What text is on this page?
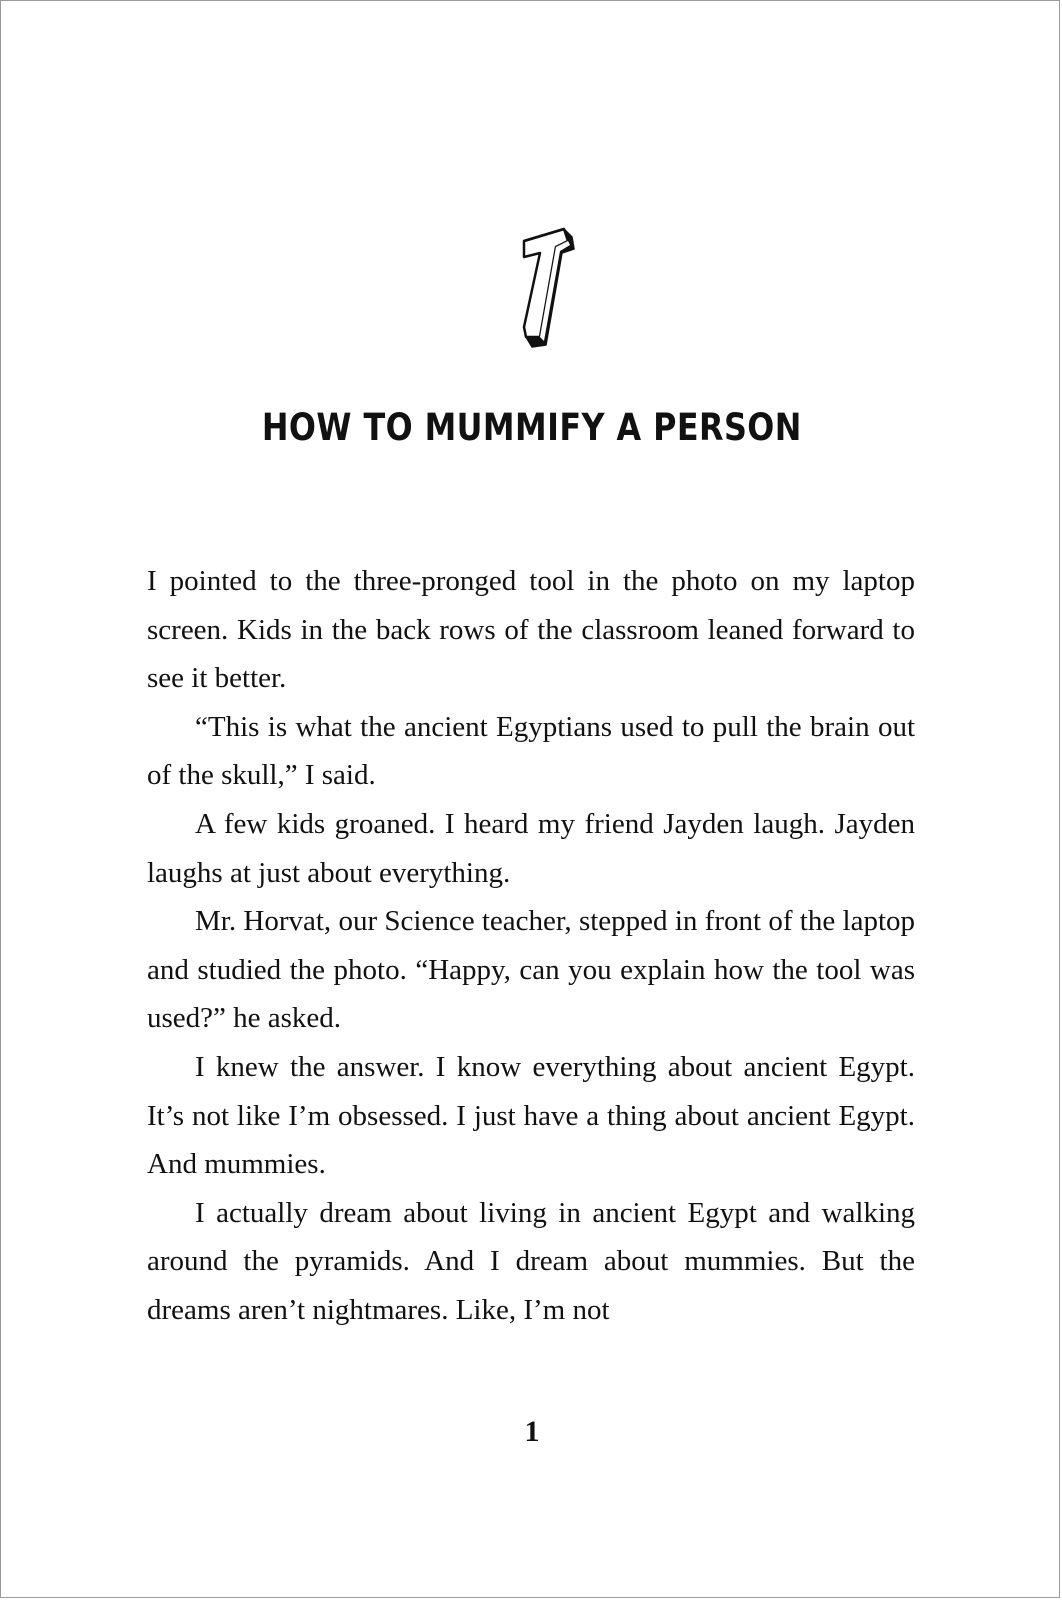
HOW TO MUMMIFY A PERSON

I pointed to the three-pronged tool in the photo on my laptop screen. Kids in the back rows of the classroom leaned forward to see it better.

“This is what the ancient Egyptians used to pull the brain out of the skull,” I said.

A few kids groaned. I heard my friend Jayden laugh. Jayden laughs at just about everything.

Mr. Horvat, our Science teacher, stepped in front of the laptop and studied the photo. “Happy, can you explain how the tool was used?” he asked.

I knew the answer. I know everything about ancient Egypt. It’s not like I’m obsessed. I just have a thing about ancient Egypt. And mummies.

I actually dream about living in ancient Egypt and walking around the pyramids. And I dream about mummies. But the dreams aren’t nightmares. Like, I’m not

1
